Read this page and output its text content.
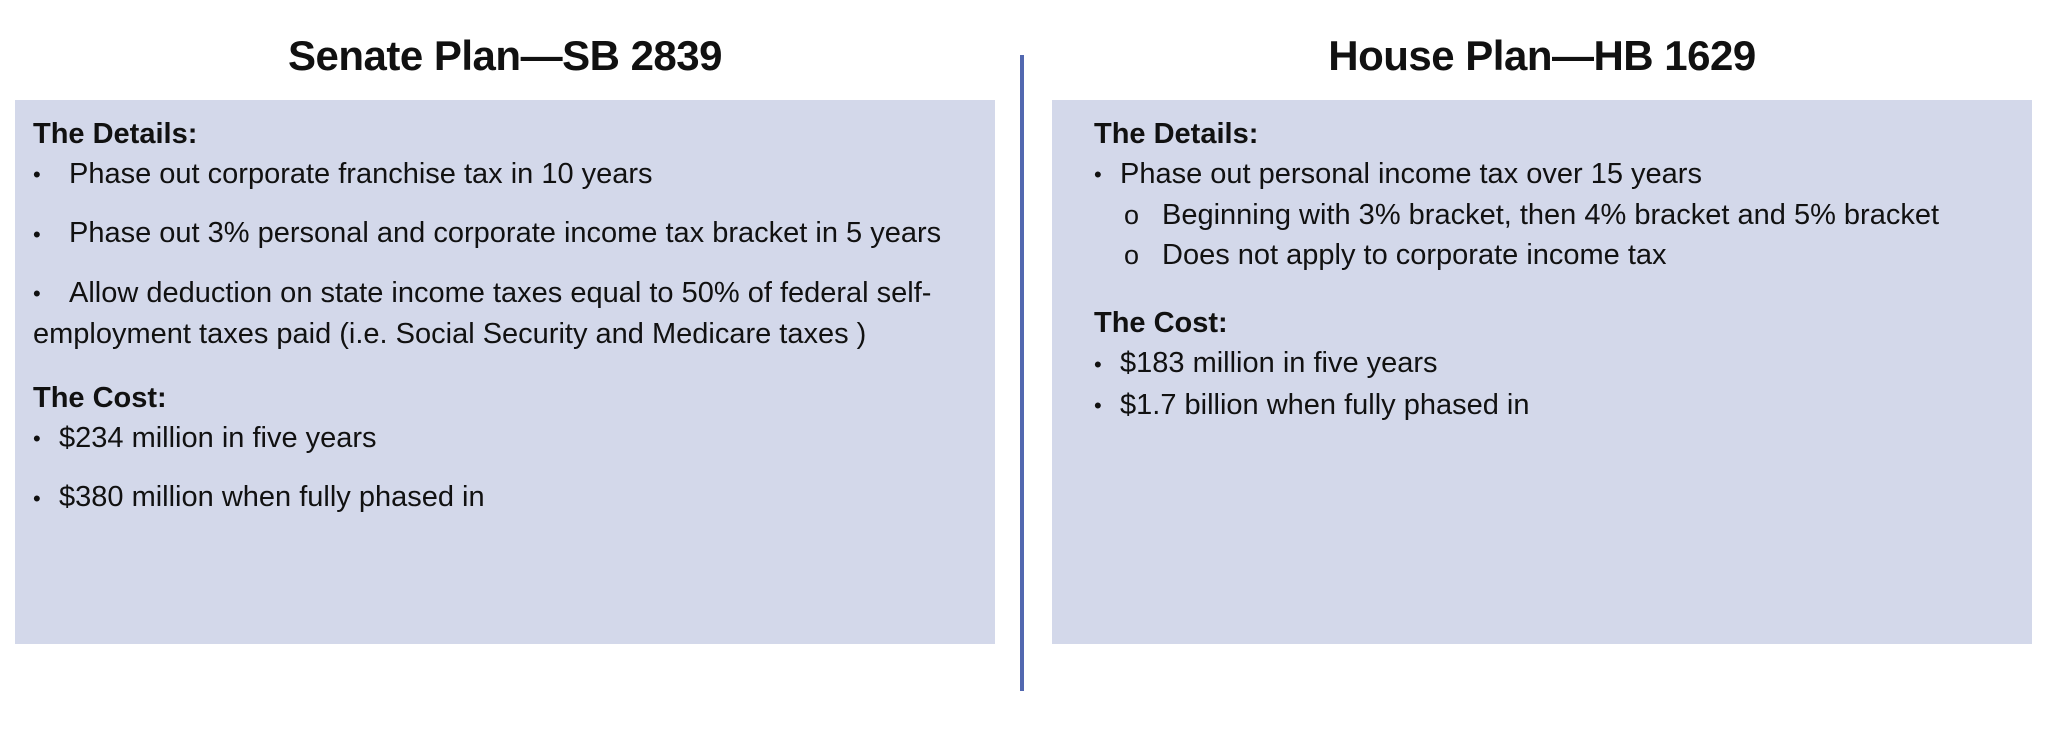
Senate Plan—SB 2839	House Plan—HB 1629

The Details:

• Phase out corporate franchise tax in 10 years
• Phase out 3% personal and corporate income tax bracket in 5 years
• Allow deduction on state income taxes equal to 50% of federal self-employment taxes paid (i.e. Social Security and Medicare taxes )

The Cost:

• $234 million in five years
• $380 million when fully phased in

The Details:

• Phase out personal income tax over 15 years
o Beginning with 3% bracket, then 4% bracket and 5% bracket
o Does not apply to corporate income tax

The Cost:

• $183 million in five years
• $1.7 billion when fully phased in
